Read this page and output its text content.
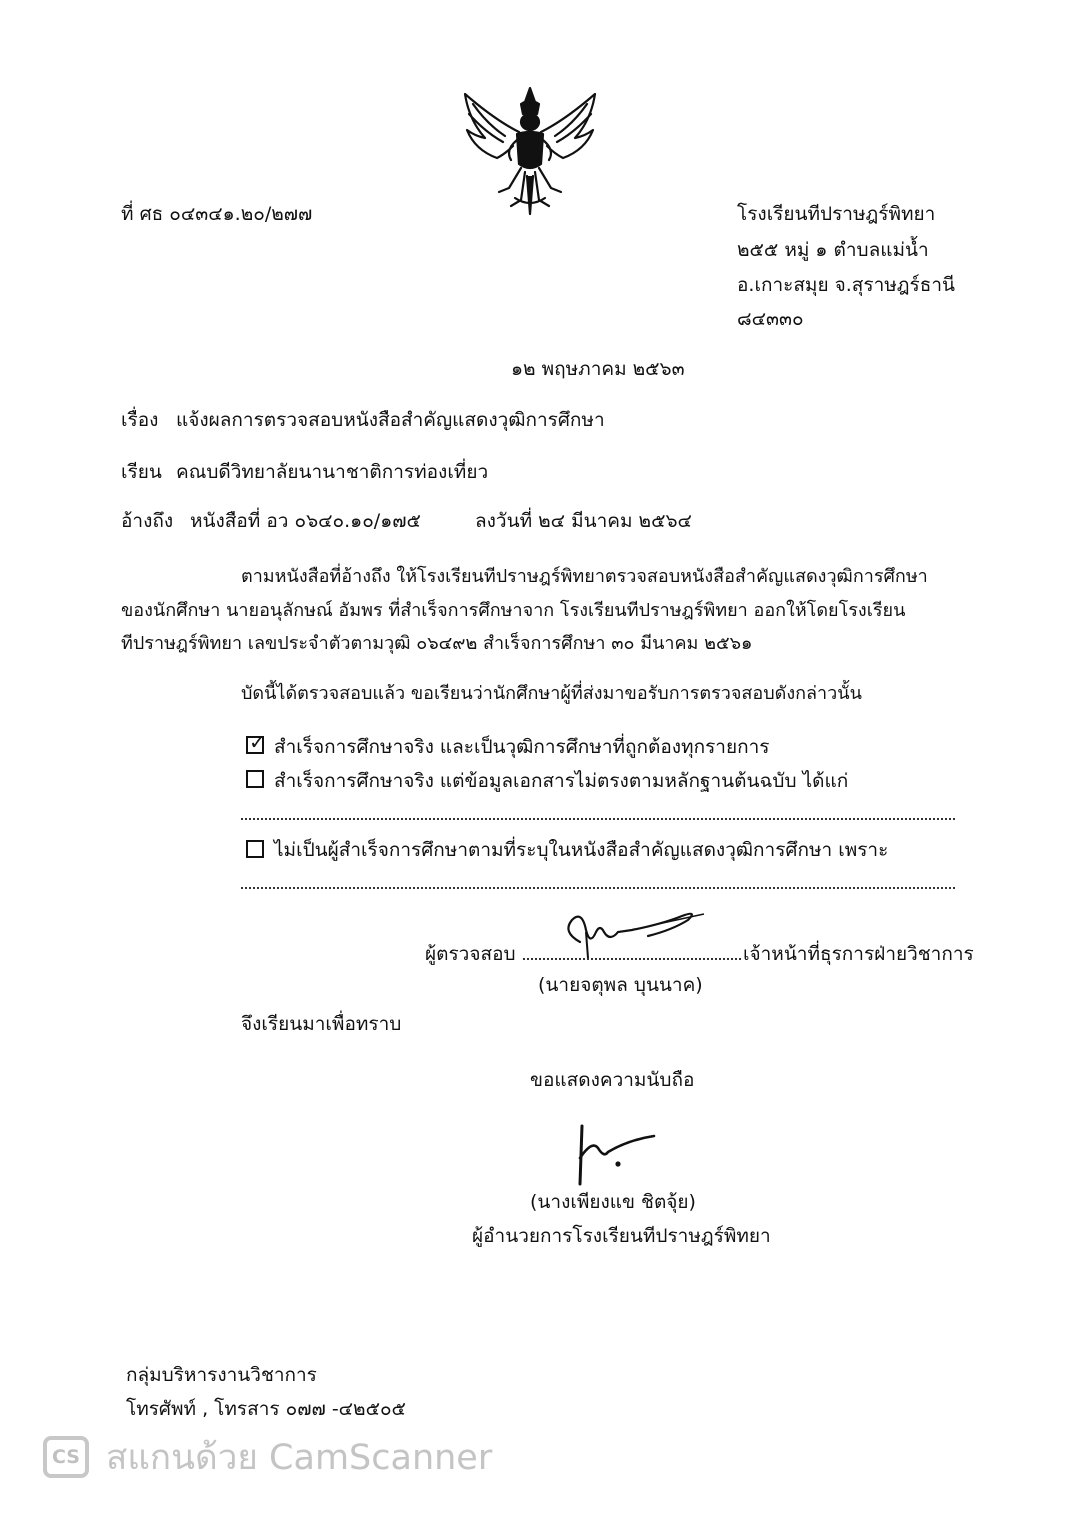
ที่ ศธ ๐๔๓๔๑.๒๐/๒๗๗	โรงเรียนทีปราษฎร์พิทยา
๒๕๕ หมู่ ๑ ตำบลแม่น้ำ
อ.เกาะสมุย จ.สุราษฎร์ธานี
๘๔๓๓๐
๑๒ พฤษภาคม ๒๕๖๓
เรื่อง แจ้งผลการตรวจสอบหนังสือสำคัญแสดงวุฒิการศึกษา
เรียน คณบดีวิทยาลัยนานาชาติการท่องเที่ยว
อ้างถึง หนังสือที่ อว ๐๖๔๐.๑๐/๑๗๕	ลงวันที่ ๒๔ มีนาคม ๒๕๖๔
ตามหนังสือที่อ้างถึง ให้โรงเรียนทีปราษฎร์พิทยาตรวจสอบหนังสือสำคัญแสดงวุฒิการศึกษา
ของนักศึกษา นายอนุลักษณ์ อัมพร ที่สำเร็จการศึกษาจาก โรงเรียนทีปราษฎร์พิทยา ออกให้โดยโรงเรียน
ทีปราษฎร์พิทยา เลขประจำตัวตามวุฒิ ๐๖๔๙๒ สำเร็จการศึกษา ๓๐ มีนาคม ๒๕๖๑
บัดนี้ได้ตรวจสอบแล้ว ขอเรียนว่านักศึกษาผู้ที่ส่งมาขอรับการตรวจสอบดังกล่าวนั้น
✓ สำเร็จการศึกษาจริง และเป็นวุฒิการศึกษาที่ถูกต้องทุกรายการ
สำเร็จการศึกษาจริง แต่ข้อมูลเอกสารไม่ตรงตามหลักฐานต้นฉบับ ได้แก่
ไม่เป็นผู้สำเร็จการศึกษาตามที่ระบุในหนังสือสำคัญแสดงวุฒิการศึกษา เพราะ
ผู้ตรวจสอบ	เจ้าหน้าที่ธุรการฝ่ายวิชาการ
(นายจตุพล บุนนาค)
จึงเรียนมาเพื่อทราบ
ขอแสดงความนับถือ
(นางเพียงแข ชิตจุ้ย)
ผู้อำนวยการโรงเรียนทีปราษฎร์พิทยา
กลุ่มบริหารงานวิชาการ
โทรศัพท์ , โทรสาร ๐๗๗ -๔๒๕๐๕
CS สแกนด้วย CamScanner
